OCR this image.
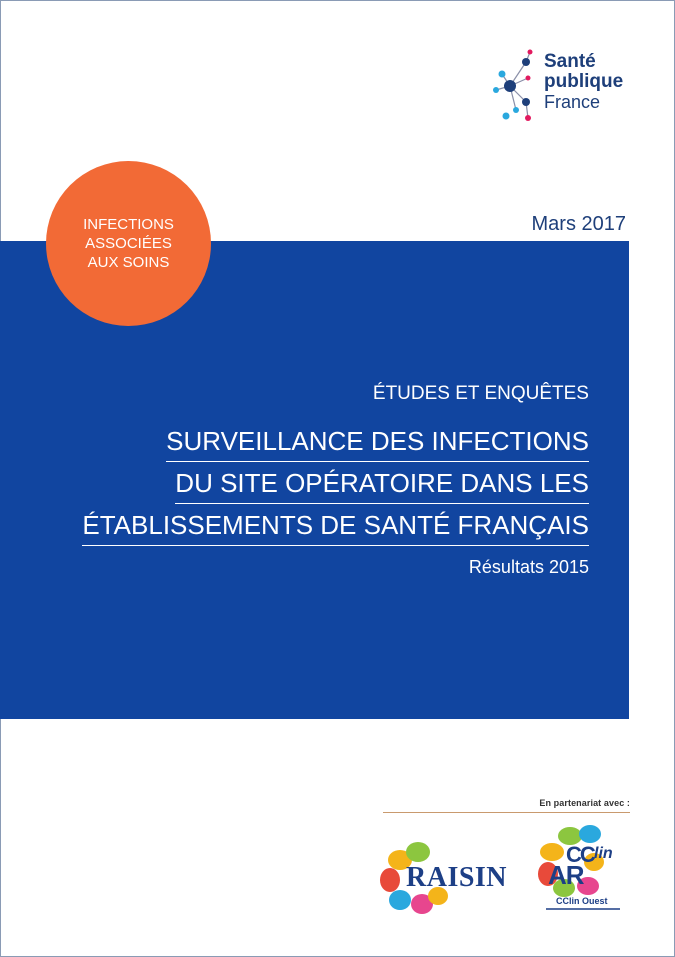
Santé
publique
France
Mars 2017
INFECTIONS
ASSOCIÉES
AUX SOINS
ÉTUDES ET ENQUÊTES
SURVEILLANCE DES INFECTIONS
DU SITE OPÉRATOIRE DANS LES
ÉTABLISSEMENTS DE SANTÉ FRANÇAIS
Résultats 2015
En partenariat avec :
RAISIN
CC lin
AR
CClin Ouest
